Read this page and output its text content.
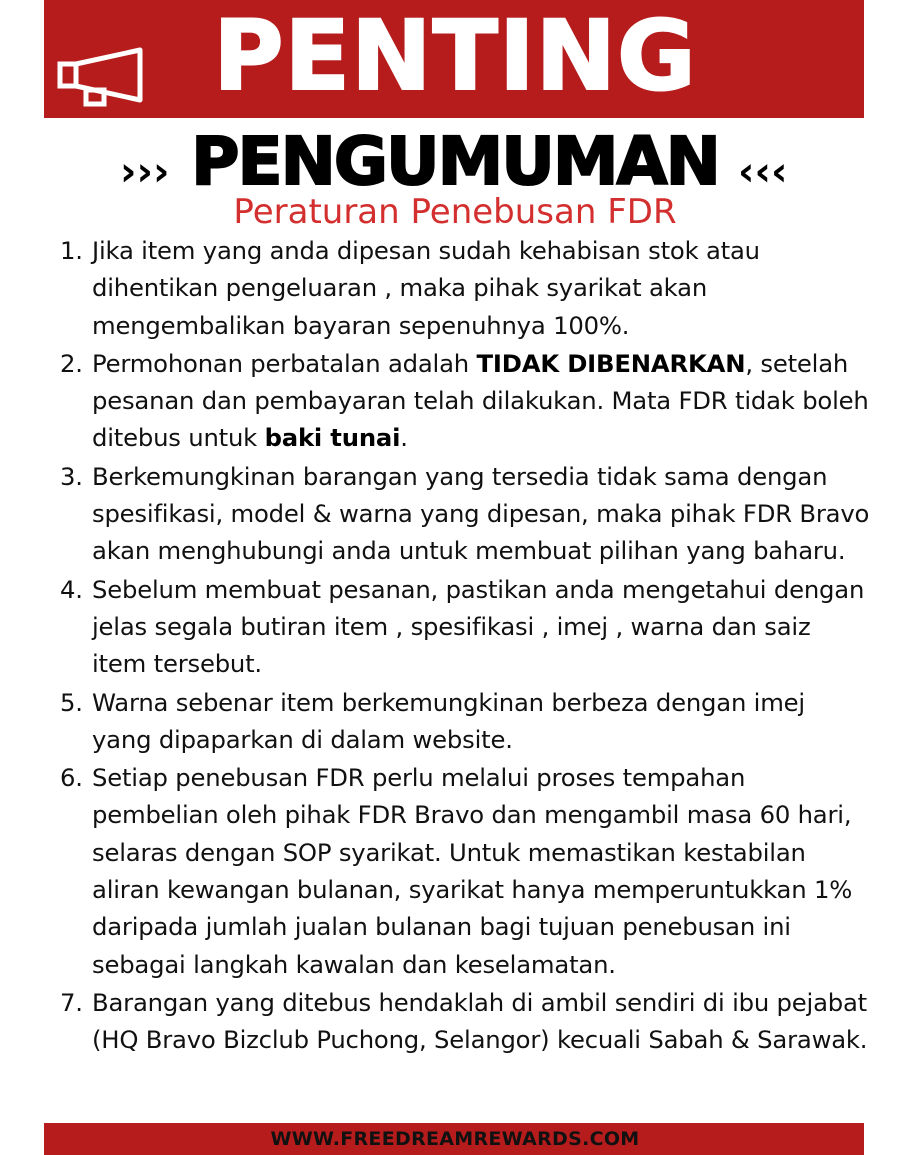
PENTING
››› PENGUMUMAN ‹‹‹
Peraturan Penebusan FDR
1. Jika item yang anda dipesan sudah kehabisan stok atau dihentikan pengeluaran , maka pihak syarikat akan mengembalikan bayaran sepenuhnya 100%.
2. Permohonan perbatalan adalah TIDAK DIBENARKAN, setelah pesanan dan pembayaran telah dilakukan. Mata FDR tidak boleh ditebus untuk baki tunai.
3. Berkemungkinan barangan yang tersedia tidak sama dengan spesifikasi, model & warna yang dipesan, maka pihak FDR Bravo akan menghubungi anda untuk membuat pilihan yang baharu.
4. Sebelum membuat pesanan, pastikan anda mengetahui dengan jelas segala butiran item , spesifikasi , imej , warna dan saiz item tersebut.
5. Warna sebenar item berkemungkinan berbeza dengan imej yang dipaparkan di dalam website.
6. Setiap penebusan FDR perlu melalui proses tempahan pembelian oleh pihak FDR Bravo dan mengambil masa 60 hari, selaras dengan SOP syarikat. Untuk memastikan kestabilan aliran kewangan bulanan, syarikat hanya memperuntukkan 1% daripada jumlah jualan bulanan bagi tujuan penebusan ini sebagai langkah kawalan dan keselamatan.
7. Barangan yang ditebus hendaklah di ambil sendiri di ibu pejabat (HQ Bravo Bizclub Puchong, Selangor) kecuali Sabah & Sarawak.
WWW.FREEDREAMREWARDS.COM
